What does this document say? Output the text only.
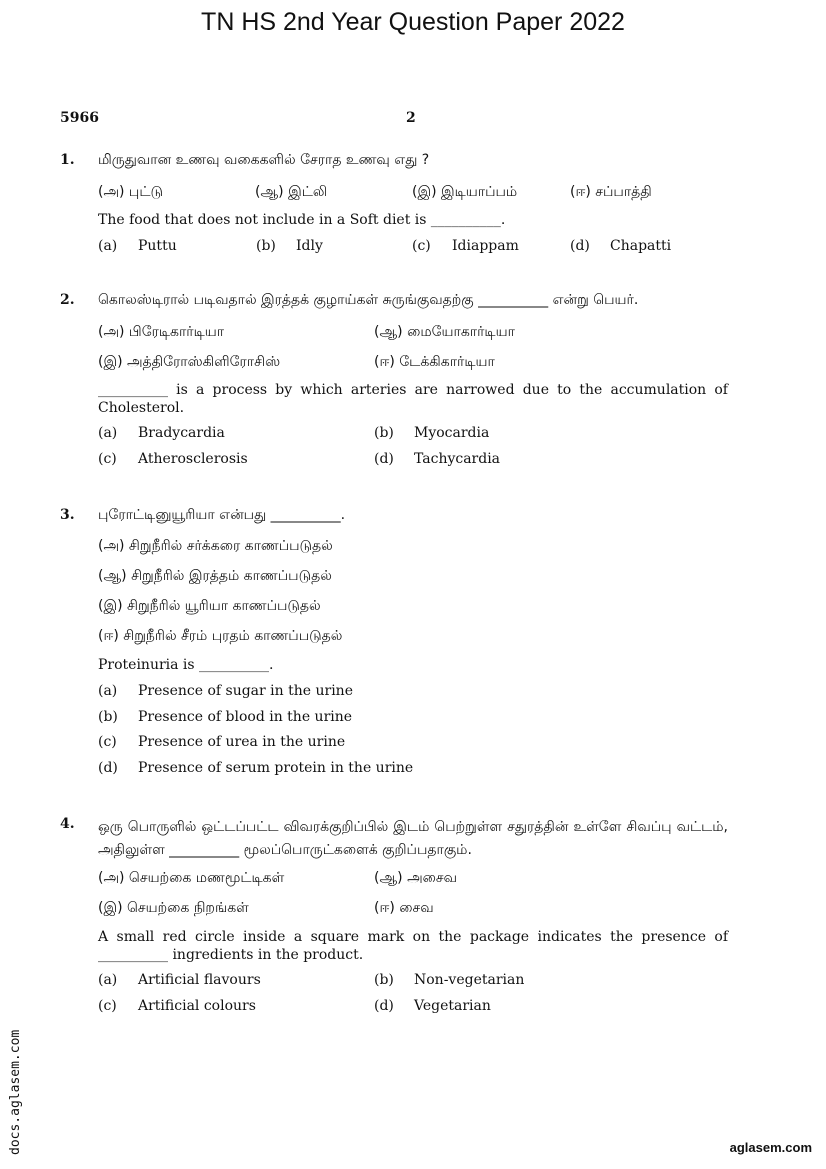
TN HS 2nd Year Question Paper 2022
5966	2
1. மிருதுவான உணவு வகைகளில் சேராத உணவு எது ?
(அ) புட்டு	(ஆ) இட்லி	(இ) இடியாப்பம்	(ஈ) சப்பாத்தி
The food that does not include in a Soft diet is __________.
(a) Puttu	(b) Idly	(c) Idiappam	(d) Chapatti
2. கொலஸ்டிரால் படிவதால் இரத்தக் குழாய்கள் சுருங்குவதற்கு __________ என்று பெயர்.
(அ) பிரேடிகார்டியா	(ஆ) மையோகார்டியா
(இ) அத்திரோஸ்கிளிரோசிஸ்	(ஈ) டேக்கிகார்டியா
__________ is a process by which arteries are narrowed due to the accumulation of Cholesterol.
(a) Bradycardia	(b) Myocardia
(c) Atherosclerosis	(d) Tachycardia
3. புரோட்டினுயூரியா என்பது __________.
(அ) சிறுநீரில் சர்க்கரை காணப்படுதல்
(ஆ) சிறுநீரில் இரத்தம் காணப்படுதல்
(இ) சிறுநீரில் யூரியா காணப்படுதல்
(ஈ) சிறுநீரில் சீரம் புரதம் காணப்படுதல்
Proteinuria is __________.
(a) Presence of sugar in the urine
(b) Presence of blood in the urine
(c) Presence of urea in the urine
(d) Presence of serum protein in the urine
4. ஒரு பொருளில் ஒட்டப்பட்ட விவரக்குறிப்பில் இடம் பெற்றுள்ள சதுரத்தின் உள்ளே சிவப்பு வட்டம், அதிலுள்ள __________ மூலப்பொருட்களைக் குறிப்பதாகும்.
(அ) செயற்கை மணமூட்டிகள்	(ஆ) அசைவ
(இ) செயற்கை நிறங்கள்	(ஈ) சைவ
A small red circle inside a square mark on the package indicates the presence of __________ ingredients in the product.
(a) Artificial flavours	(b) Non-vegetarian
(c) Artificial colours	(d) Vegetarian
docs.aglasem.com	aglasem.com
